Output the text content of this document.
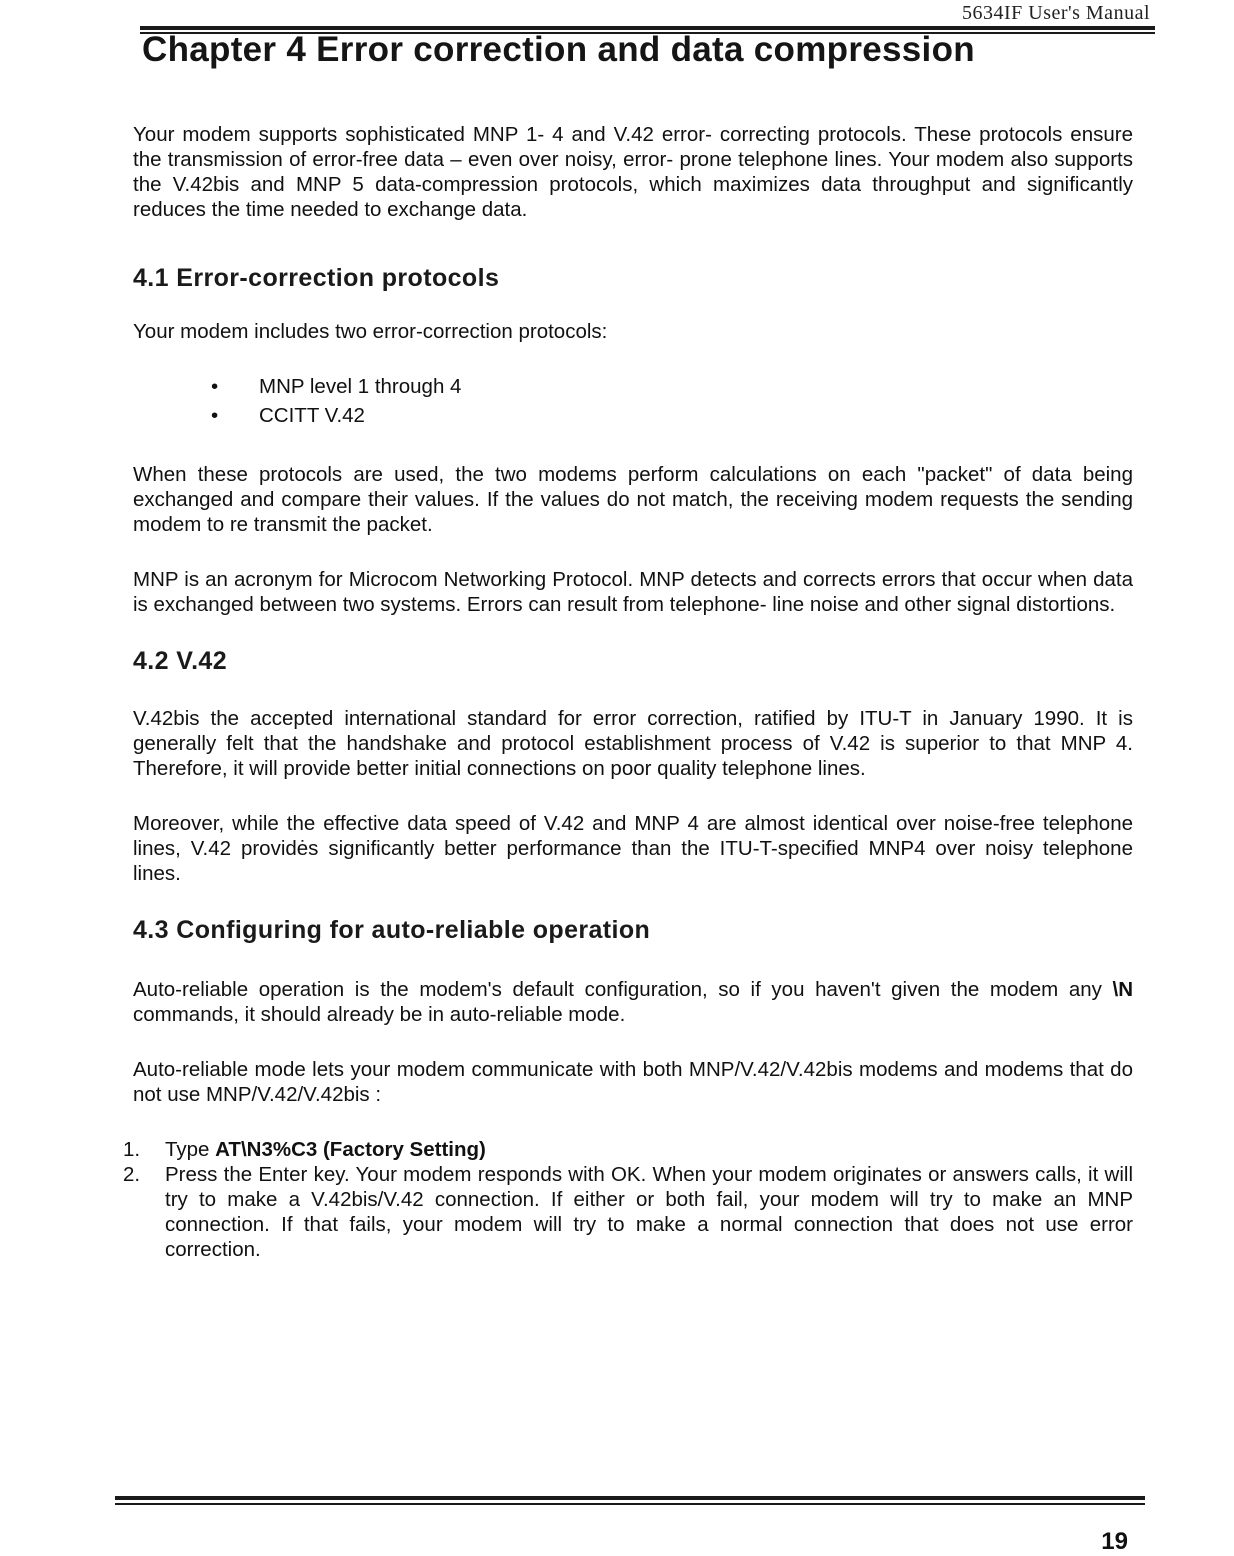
5634IF User's Manual
Chapter 4 Error correction and data compression

Your modem supports sophisticated MNP 1- 4 and V.42 error- correcting protocols. These protocols ensure the transmission of error-free data – even over noisy, error- prone telephone lines. Your modem also supports the V.42bis and MNP 5 data-compression protocols, which maximizes data throughput and significantly reduces the time needed to exchange data.

4.1 Error-correction protocols

Your modem includes two error-correction protocols:

• MNP level 1 through 4
• CCITT V.42

When these protocols are used, the two modems perform calculations on each "packet" of data being exchanged and compare their values. If the values do not match, the receiving modem requests the sending modem to re transmit the packet.

MNP is an acronym for Microcom Networking Protocol. MNP detects and corrects errors that occur when data is exchanged between two systems. Errors can result from telephone- line noise and other signal distortions.

4.2 V.42

V.42bis the accepted international standard for error correction, ratified by ITU-T in January 1990. It is generally felt that the handshake and protocol establishment process of V.42 is superior to that MNP 4. Therefore, it will provide better initial connections on poor quality telephone lines.

Moreover, while the effective data speed of V.42 and MNP 4 are almost identical over noise-free telephone lines, V.42 providės significantly better performance than the ITU-T-specified MNP4 over noisy telephone lines.

4.3 Configuring for auto-reliable operation

Auto-reliable operation is the modem's default configuration, so if you haven't given the modem any \N commands, it should already be in auto-reliable mode.

Auto-reliable mode lets your modem communicate with both MNP/V.42/V.42bis modems and modems that do not use MNP/V.42/V.42bis :

1. Type AT\N3%C3 (Factory Setting)
2. Press the Enter key. Your modem responds with OK. When your modem originates or answers calls, it will try to make a V.42bis/V.42 connection. If either or both fail, your modem will try to make an MNP connection. If that fails, your modem will try to make a normal connection that does not use error correction.
19
